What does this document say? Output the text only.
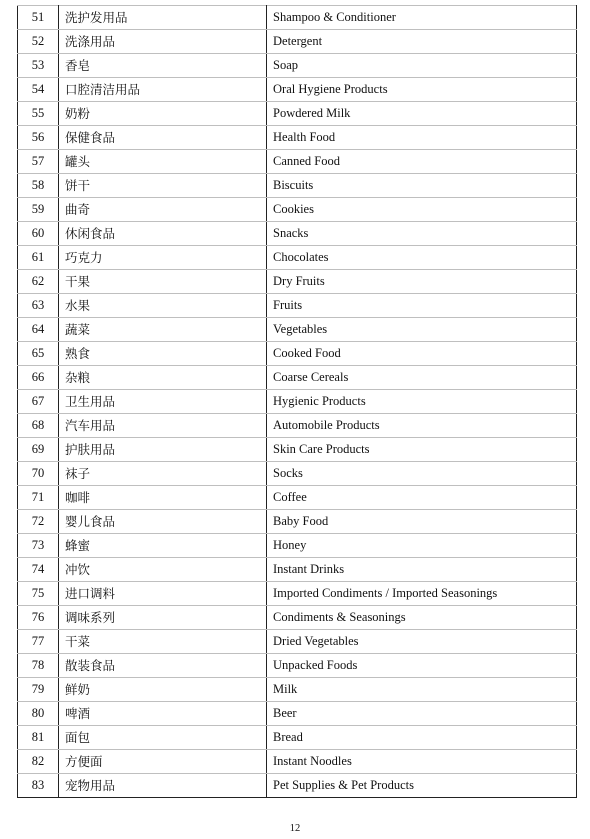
51	洗护发用品	Shampoo & Conditioner
52	洗涤用品	Detergent
53	香皂	Soap
54	口腔清洁用品	Oral Hygiene Products
55	奶粉	Powdered Milk
56	保健食品	Health Food
57	罐头	Canned Food
58	饼干	Biscuits
59	曲奇	Cookies
60	休闲食品	Snacks
61	巧克力	Chocolates
62	干果	Dry Fruits
63	水果	Fruits
64	蔬菜	Vegetables
65	熟食	Cooked Food
66	杂粮	Coarse Cereals
67	卫生用品	Hygienic Products
68	汽车用品	Automobile Products
69	护肤用品	Skin Care Products
70	袜子	Socks
71	咖啡	Coffee
72	婴儿食品	Baby Food
73	蜂蜜	Honey
74	冲饮	Instant Drinks
75	进口调料	Imported Condiments / Imported Seasonings
76	调味系列	Condiments & Seasonings
77	干菜	Dried Vegetables
78	散装食品	Unpacked Foods
79	鲜奶	Milk
80	啤酒	Beer
81	面包	Bread
82	方便面	Instant Noodles
83	宠物用品	Pet Supplies & Pet Products
12
